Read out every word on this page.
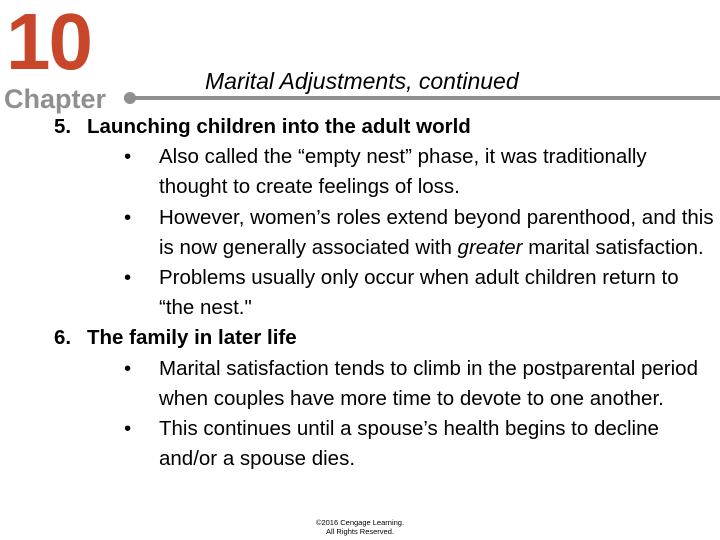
10
Chapter
Marital Adjustments, continued
5. Launching children into the adult world
• Also called the “empty nest” phase, it was traditionally thought to create feelings of loss.
• However, women’s roles extend beyond parenthood, and this is now generally associated with greater marital satisfaction.
• Problems usually only occur when adult children return to “the nest."
6. The family in later life
• Marital satisfaction tends to climb in the postparental period when couples have more time to devote to one another.
• This continues until a spouse’s health begins to decline and/or a spouse dies.
©2016 Cengage Learning.
All Rights Reserved.
